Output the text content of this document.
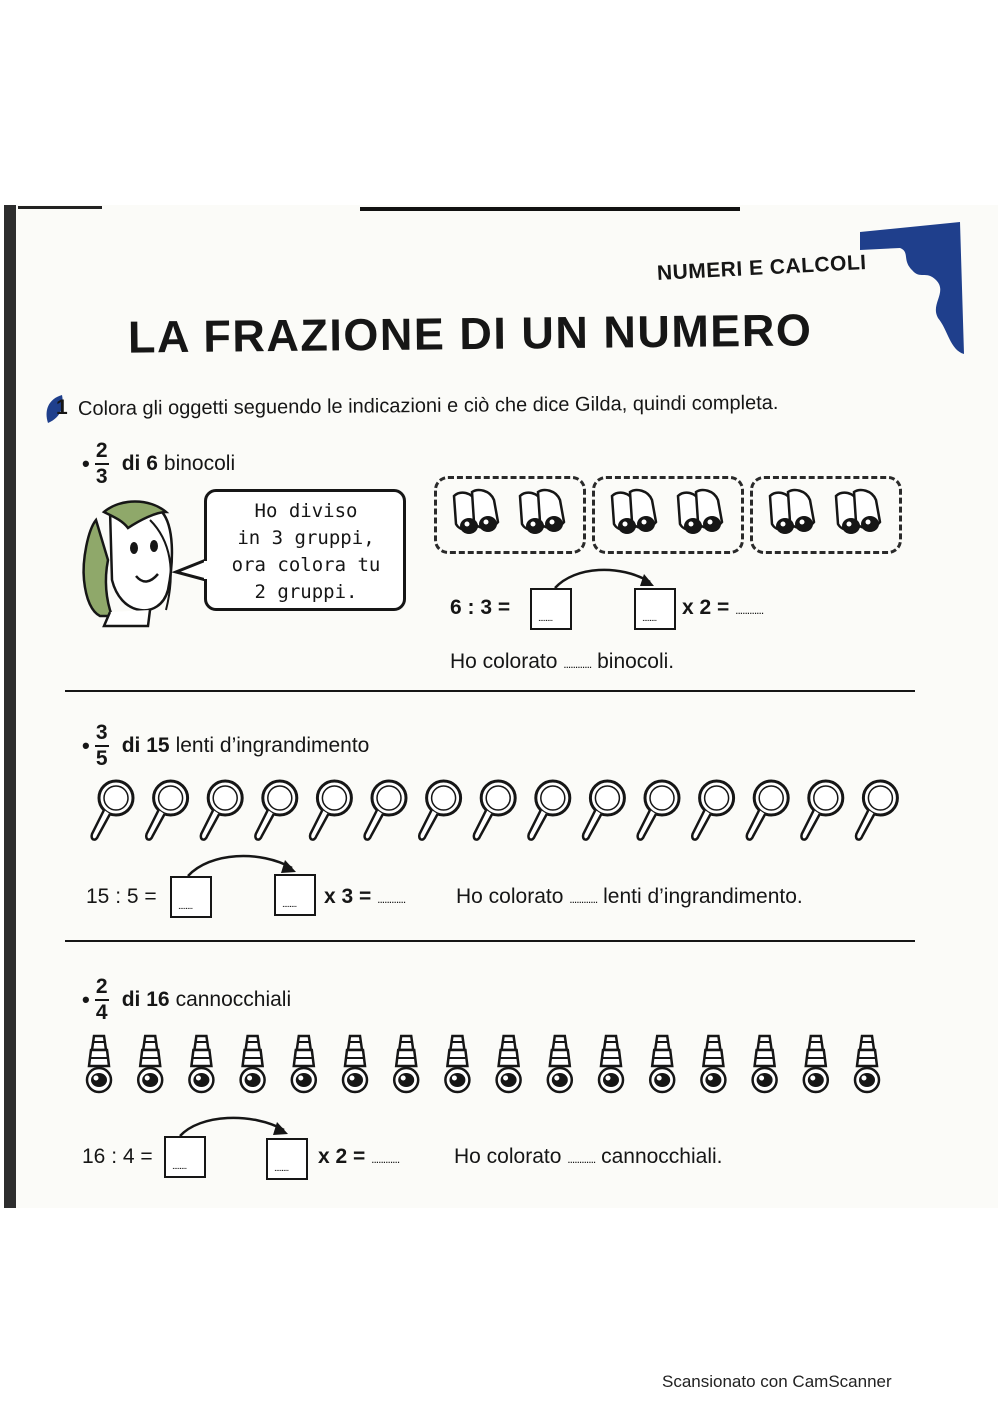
NUMERI E CALCOLI
LA FRAZIONE DI UN NUMERO
1 Colora gli oggetti seguendo le indicazioni e ciò che dice Gilda, quindi completa.
• $\frac{2}{3}$ di 6 binocoli
Ho diviso
in 3 gruppi,
ora colora tu
2 gruppi.
6 : 3 = ........ ........	x 2 = ............
Ho colorato ............ binocoli.
• $\frac{3}{5}$ di 15 lenti d’ingrandimento
15 : 5 = ........ ........	x 3 = ............ Ho colorato ............ lenti d’ingrandimento.
• $\frac{2}{4}$ di 16 cannocchiali
16 : 4 = ........ ........	x 2 = ............	Ho colorato ............ cannocchiali.
Scansionato con CamScanner
